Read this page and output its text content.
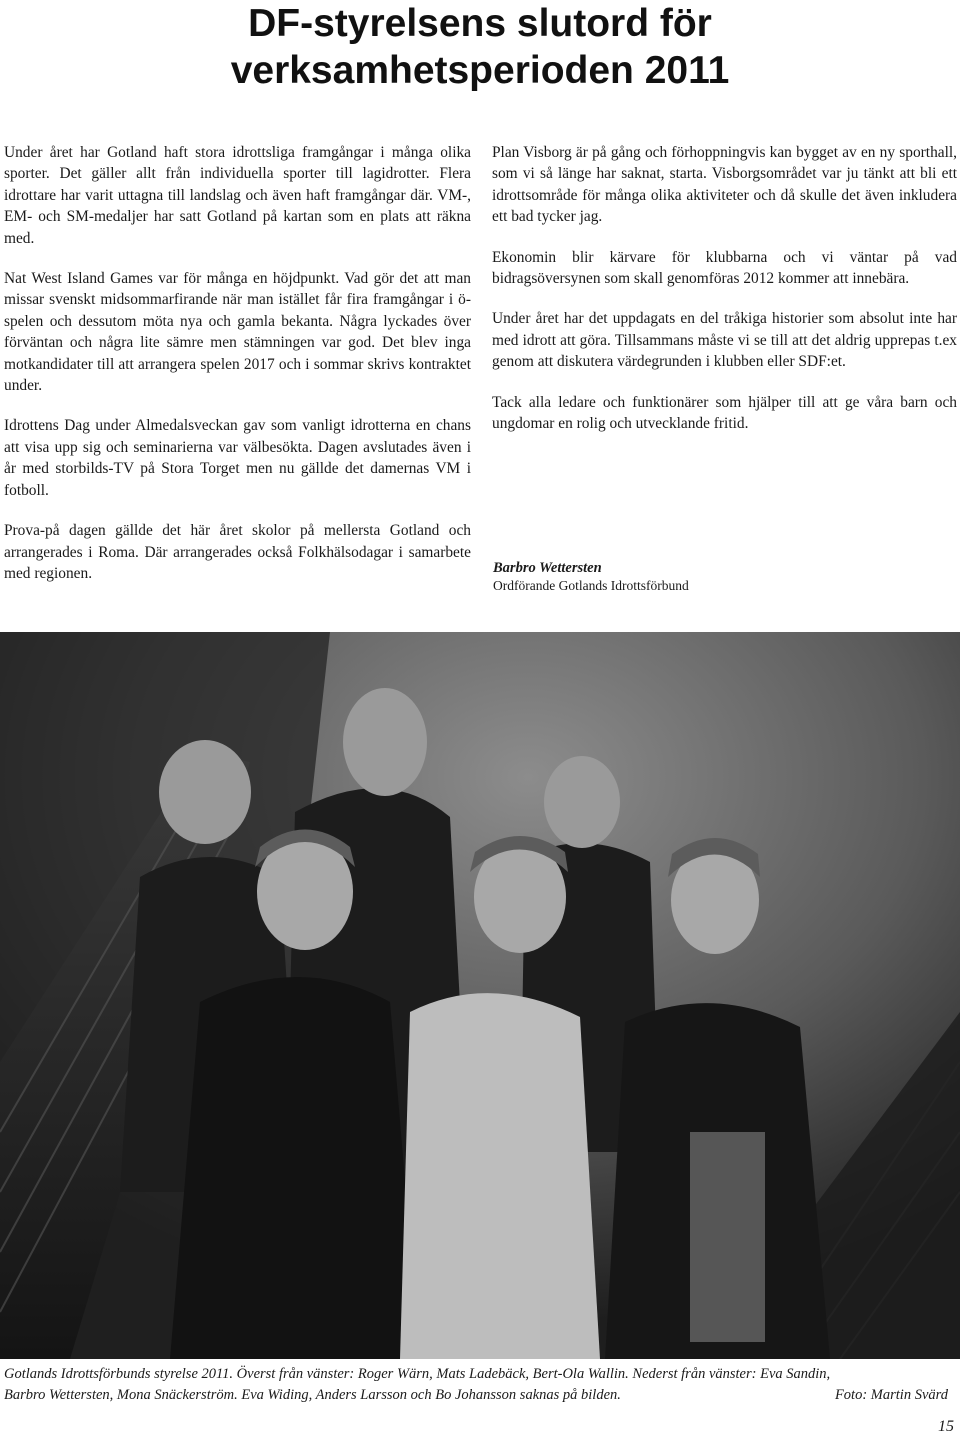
DF-styrelsens slutord för
verksamhetsperioden 2011

Under året har Gotland haft stora idrottsliga framgångar i många olika sporter. Det gäller allt från individuella sporter till lagidrotter. Flera idrottare har varit uttagna till landslag och även haft framgångar där. VM-, EM- och SM-medaljer har satt Gotland på kartan som en plats att räkna med.

Nat West Island Games var för många en höjdpunkt. Vad gör det att man missar svenskt midsommarfirande när man istället får fira framgångar i ö-spelen och dessutom möta nya och gamla bekanta. Några lyckades över förväntan och några lite sämre men stämningen var god. Det blev inga motkandidater till att arrangera spelen 2017 och i sommar skrivs kontraktet under.

Idrottens Dag under Almedalsveckan gav som vanligt idrotterna en chans att visa upp sig och seminarierna var välbesökta. Dagen avslutades även i år med storbilds-TV på Stora Torget men nu gällde det damernas VM i fotboll.

Prova-på dagen gällde det här året skolor på mellersta Gotland och arrangerades i Roma. Där arrangerades också Folkhälsodagar i samarbete med regionen.

Plan Visborg är på gång och förhoppningvis kan bygget av en ny sporthall, som vi så länge har saknat, starta. Visborgsområdet var ju tänkt att bli ett idrottsområde för många olika aktiviteter och då skulle det även inkludera ett bad tycker jag.

Ekonomin blir kärvare för klubbarna och vi väntar på vad bidragsöversynen som skall genomföras 2012 kommer att innebära.

Under året har det uppdagats en del tråkiga historier som absolut inte har med idrott att göra. Tillsammans måste vi se till att det aldrig upprepas t.ex genom att diskutera värdegrunden i klubben eller SDF:et.

Tack alla ledare och funktionärer som hjälper till att ge våra barn och ungdomar en rolig och utvecklande fritid.

Barbro Wettersten
Ordförande Gotlands Idrottsförbund
Gotlands Idrottsförbunds styrelse 2011. Överst från vänster: Roger Wärn, Mats Ladebäck, Bert-Ola Wallin. Nederst från vänster: Eva Sandin,
Barbro Wettersten, Mona Snäckerström. Eva Widing, Anders Larsson och Bo Johansson saknas på bilden.	Foto: Martin Svärd
15
